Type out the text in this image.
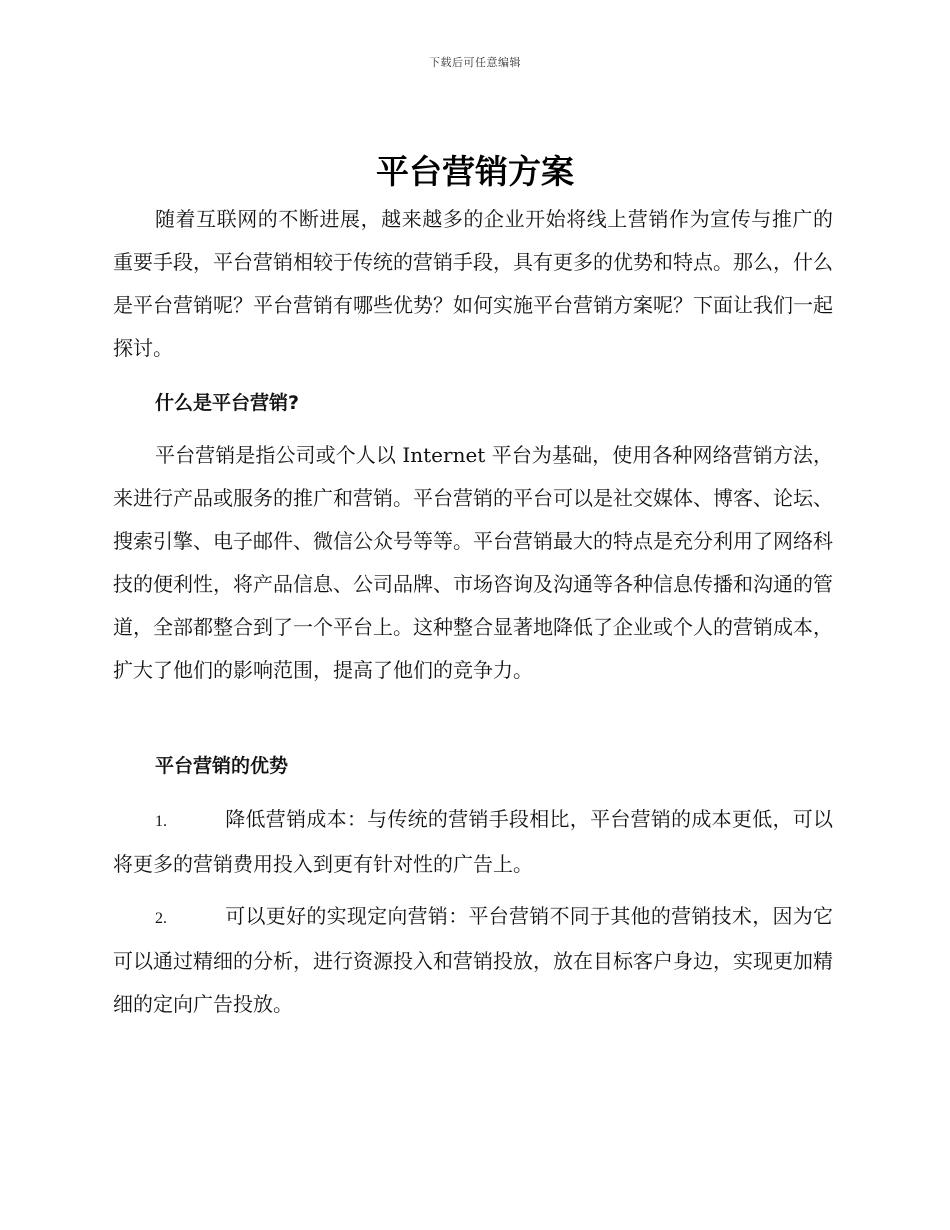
下载后可任意编辑
平台营销方案

随着互联网的不断进展，越来越多的企业开始将线上营销作为宣传与推广的重要手段，平台营销相较于传统的营销手段，具有更多的优势和特点。那么，什么是平台营销呢？平台营销有哪些优势？如何实施平台营销方案呢？下面让我们一起探讨。

什么是平台营销?

平台营销是指公司或个人以 Internet 平台为基础，使用各种网络营销方法，来进行产品或服务的推广和营销。平台营销的平台可以是社交媒体、博客、论坛、搜索引擎、电子邮件、微信公众号等等。平台营销最大的特点是充分利用了网络科技的便利性，将产品信息、公司品牌、市场咨询及沟通等各种信息传播和沟通的管道，全部都整合到了一个平台上。这种整合显著地降低了企业或个人的营销成本，扩大了他们的影响范围，提高了他们的竞争力。

平台营销的优势

1.	降低营销成本：与传统的营销手段相比，平台营销的成本更低，可以将更多的营销费用投入到更有针对性的广告上。

2.	可以更好的实现定向营销：平台营销不同于其他的营销技术，因为它可以通过精细的分析，进行资源投入和营销投放，放在目标客户身边，实现更加精细的定向广告投放。
